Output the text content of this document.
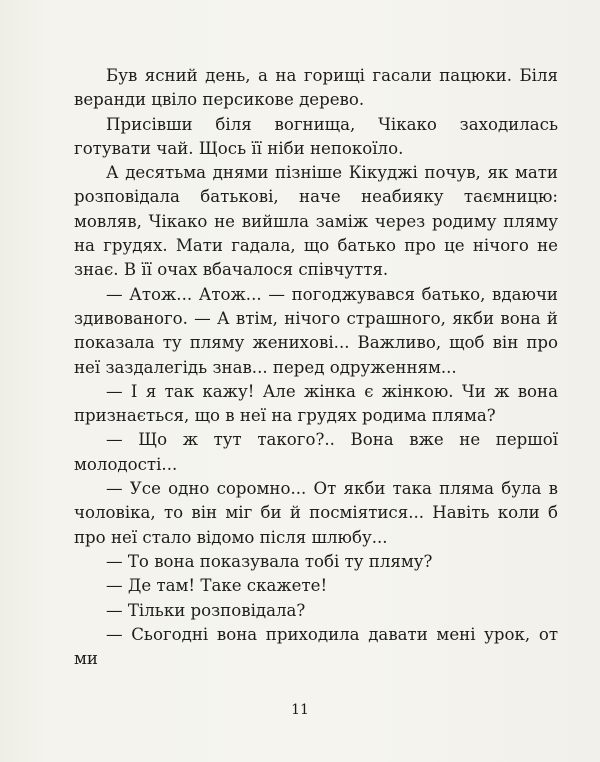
Був ясний день, а на горищі гасали пацюки. Біля веранди цвіло персикове дерево.

Присівши біля вогнища, Чікако заходилась готувати чай. Щось її ніби непокоїло.

А десятьма днями пізніше Кікуджі почув, як мати розповідала батькові, наче неабияку таємницю: мовляв, Чікако не вийшла заміж через родиму пляму на грудях. Мати гадала, що батько про це нічого не знає. В її очах вбачалося співчуття.

— Атож... Атож... — погоджувався батько, вдаючи здивованого. — А втім, нічого страшного, якби вона й показала ту пляму женихові... Важливо, щоб він про неї заздалегідь знав... перед одруженням...

— І я так кажу! Але жінка є жінкою. Чи ж вона признається, що в неї на грудях родима пляма?

— Що ж тут такого?.. Вона вже не першої молодості...

— Усе одно соромно... От якби така пляма була в чоловіка, то він міг би й посміятися... Навіть коли б про неї стало відомо після шлюбу...

— То вона показувала тобі ту пляму?

— Де там! Таке скажете!

— Тільки розповідала?

— Сьогодні вона приходила давати мені урок, от ми

11
